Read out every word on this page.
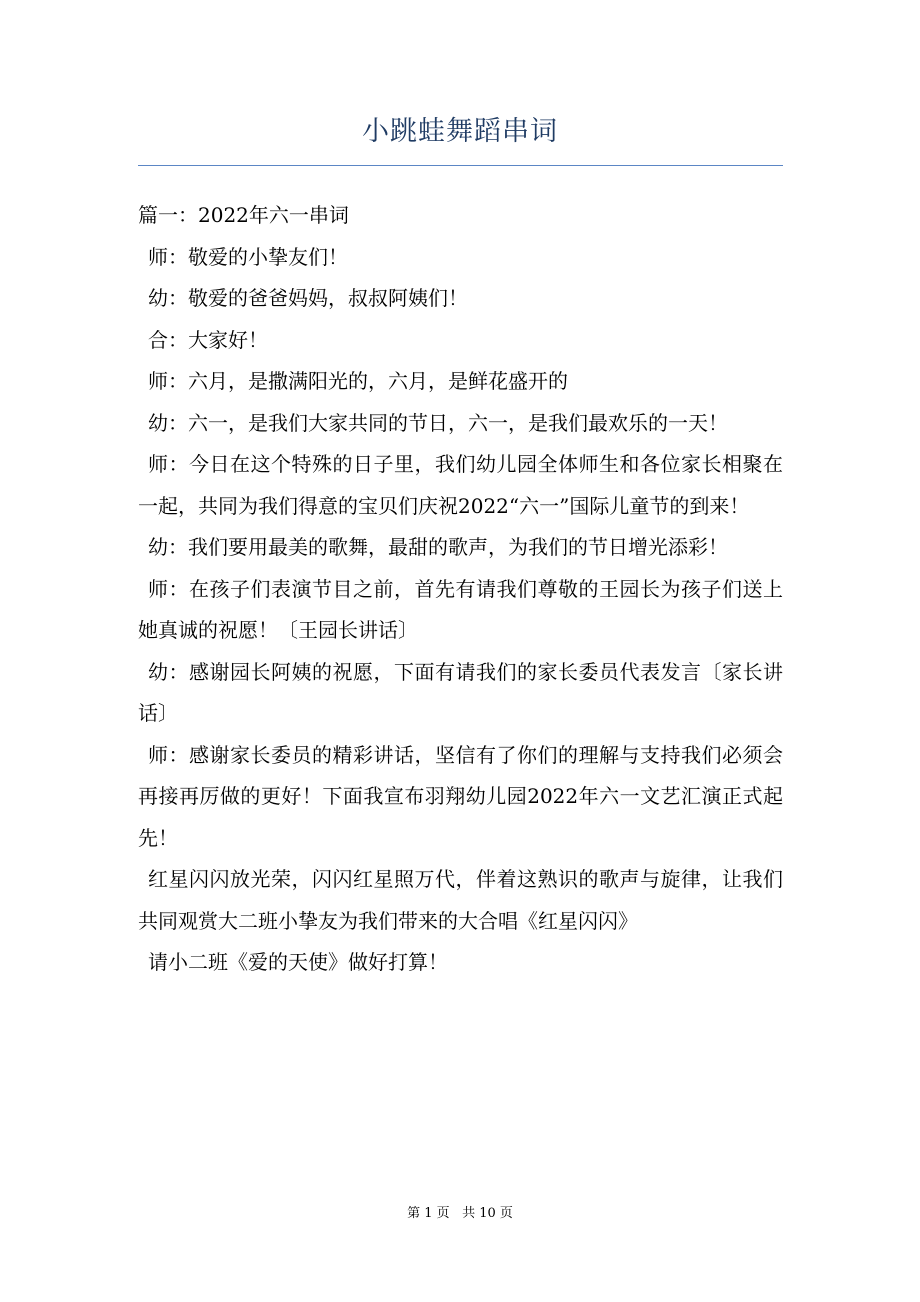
小跳蛙舞蹈串词

篇一：2022年六一串词

师：敬爱的小挚友们！

幼：敬爱的爸爸妈妈，叔叔阿姨们！

合：大家好！

师：六月，是撒满阳光的，六月，是鲜花盛开的

幼：六一，是我们大家共同的节日，六一，是我们最欢乐的一天！

师：今日在这个特殊的日子里，我们幼儿园全体师生和各位家长相聚在一起，共同为我们得意的宝贝们庆祝2022“六一”国际儿童节的到来！

幼：我们要用最美的歌舞，最甜的歌声，为我们的节日增光添彩！

师：在孩子们表演节目之前，首先有请我们尊敬的王园长为孩子们送上她真诚的祝愿！〔王园长讲话〕

幼：感谢园长阿姨的祝愿，下面有请我们的家长委员代表发言〔家长讲话〕

师：感谢家长委员的精彩讲话，坚信有了你们的理解与支持我们必须会再接再厉做的更好！下面我宣布羽翔幼儿园2022年六一文艺汇演正式起先！

红星闪闪放光荣，闪闪红星照万代，伴着这熟识的歌声与旋律，让我们共同观赏大二班小挚友为我们带来的大合唱《红星闪闪》

请小二班《爱的天使》做好打算！

第 1 页 共 10 页
